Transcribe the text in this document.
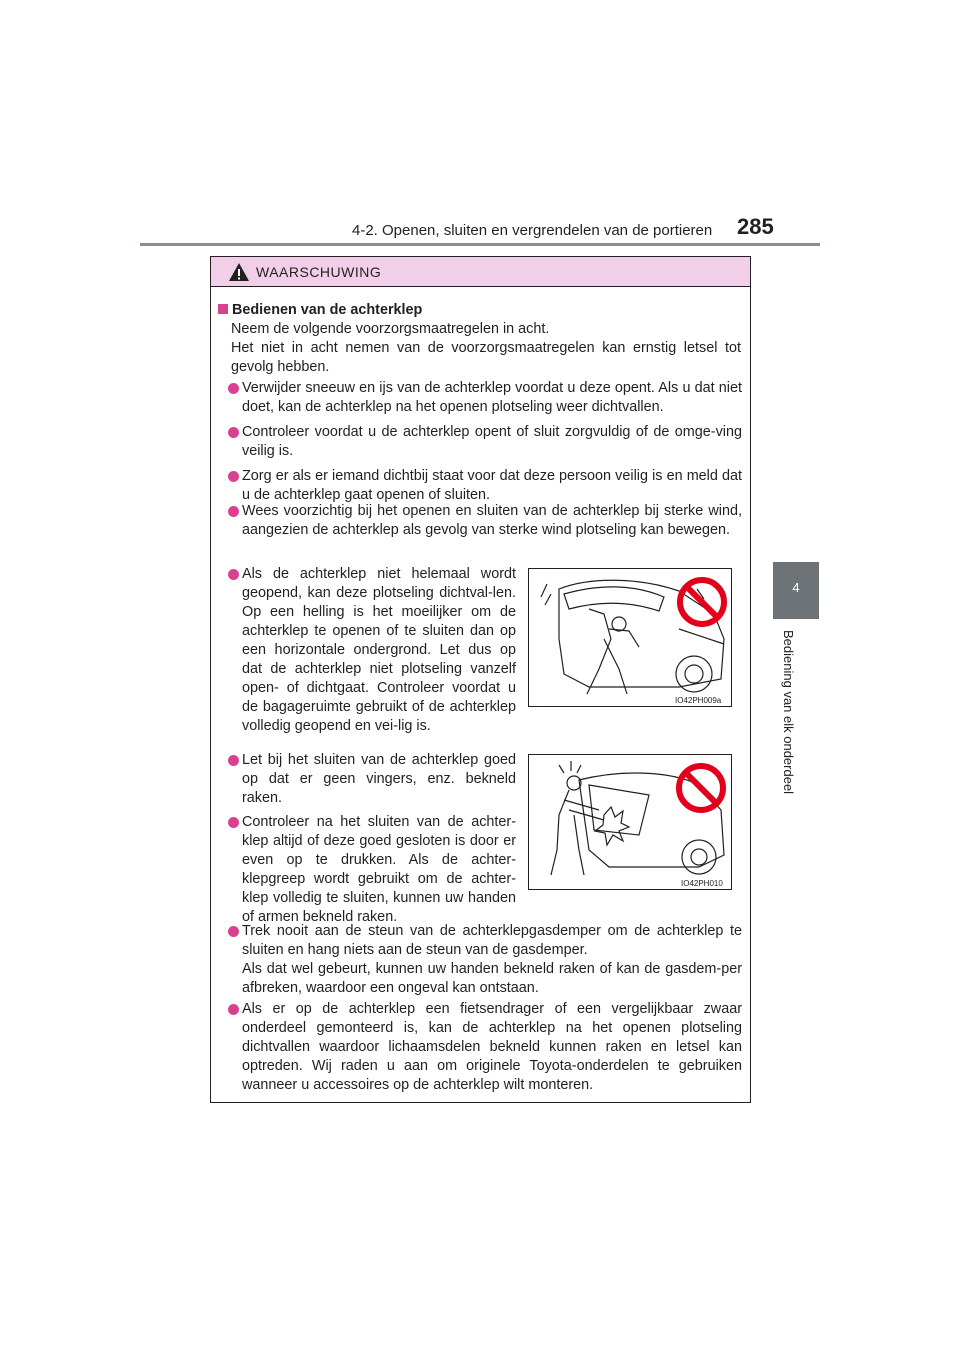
4-2. Openen, sluiten en vergrendelen van de portieren 285
4
Bediening van elk onderdeel
WAARSCHUWING
Bedienen van de achterklep
Neem de volgende voorzorgsmaatregelen in acht.
Het niet in acht nemen van de voorzorgsmaatregelen kan ernstig letsel tot gevolg hebben.
Verwijder sneeuw en ijs van de achterklep voordat u deze opent. Als u dat niet doet, kan de achterklep na het openen plotseling weer dichtvallen.
Controleer voordat u de achterklep opent of sluit zorgvuldig of de omge-ving veilig is.
Zorg er als er iemand dichtbij staat voor dat deze persoon veilig is en meld dat u de achterklep gaat openen of sluiten.
Wees voorzichtig bij het openen en sluiten van de achterklep bij sterke wind, aangezien de achterklep als gevolg van sterke wind plotseling kan bewegen.
Als de achterklep niet helemaal wordt geopend, kan deze plotseling dichtval-len. Op een helling is het moeilijker om de achterklep te openen of te sluiten dan op een horizontale ondergrond. Let dus op dat de achterklep niet plotseling vanzelf open- of dichtgaat. Controleer voordat u de bagageruimte gebruikt of de achterklep volledig geopend en vei-lig is.
IO42PH009a
Let bij het sluiten van de achterklep goed op dat er geen vingers, enz. bekneld raken.
IO42PH010
Controleer na het sluiten van de achter-klep altijd of deze goed gesloten is door er even op te drukken. Als de achter-klepgreep wordt gebruikt om de achter-klep volledig te sluiten, kunnen uw handen of armen bekneld raken.
Trek nooit aan de steun van de achterklepgasdemper om de achterklep te sluiten en hang niets aan de steun van de gasdemper.
Als dat wel gebeurt, kunnen uw handen bekneld raken of kan de gasdem-per afbreken, waardoor een ongeval kan ontstaan.
Als er op de achterklep een fietsendrager of een vergelijkbaar zwaar onderdeel gemonteerd is, kan de achterklep na het openen plotseling dichtvallen waardoor lichaamsdelen bekneld kunnen raken en letsel kan optreden. Wij raden u aan om originele Toyota-onderdelen te gebruiken wanneer u accessoires op de achterklep wilt monteren.
